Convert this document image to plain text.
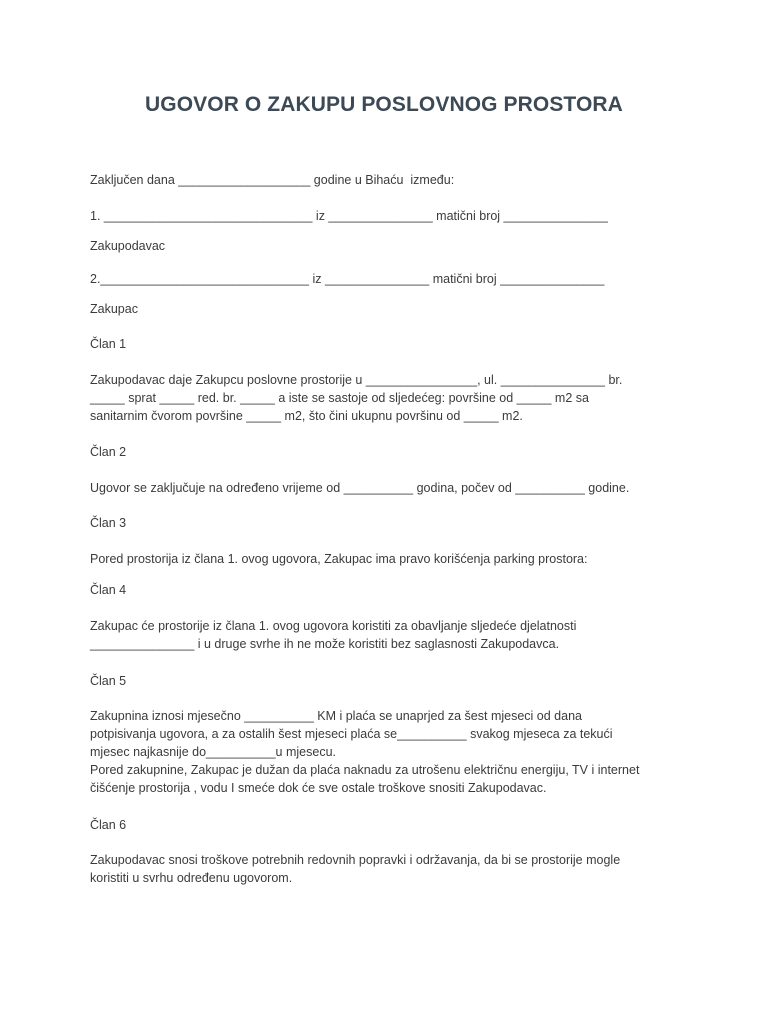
UGOVOR O ZAKUPU POSLOVNOG PROSTORA

Zaključen dana ___________________ godine u Bihaću  između:

1. ______________________________ iz _______________ matični broj _______________

Zakupodavac

2.______________________________ iz _______________ matični broj _______________

Zakupac

Član 1

Zakupodavac daje Zakupcu poslovne prostorije u ________________, ul. _______________ br.
_____ sprat _____ red. br. _____ a iste se sastoje od sljedećeg: površine od _____ m2 sa
sanitarnim čvorom površine _____ m2, što čini ukupnu površinu od _____ m2.

Član 2

Ugovor se zaključuje na određeno vrijeme od __________ godina, počev od __________ godine.

Član 3

Pored prostorija iz člana 1. ovog ugovora, Zakupac ima pravo korišćenja parking prostora:

Član 4

Zakupac će prostorije iz člana 1. ovog ugovora koristiti za obavljanje sljedeće djelatnosti
_______________ i u druge svrhe ih ne može koristiti bez saglasnosti Zakupodavca.

Član 5

Zakupnina iznosi mjesečno __________ KM i plaća se unaprjed za šest mjeseci od dana
potpisivanja ugovora, a za ostalih šest mjeseci plaća se__________ svakog mjeseca za tekući
mjesec najkasnije do__________u mjesecu.
Pored zakupnine, Zakupac je dužan da plaća naknadu za utrošenu električnu energiju, TV i internet
čišćenje prostorija , vodu I smeće dok će sve ostale troškove snositi Zakupodavac.

Član 6

Zakupodavac snosi troškove potrebnih redovnih popravki i održavanja, da bi se prostorije mogle
koristiti u svrhu određenu ugovorom.
